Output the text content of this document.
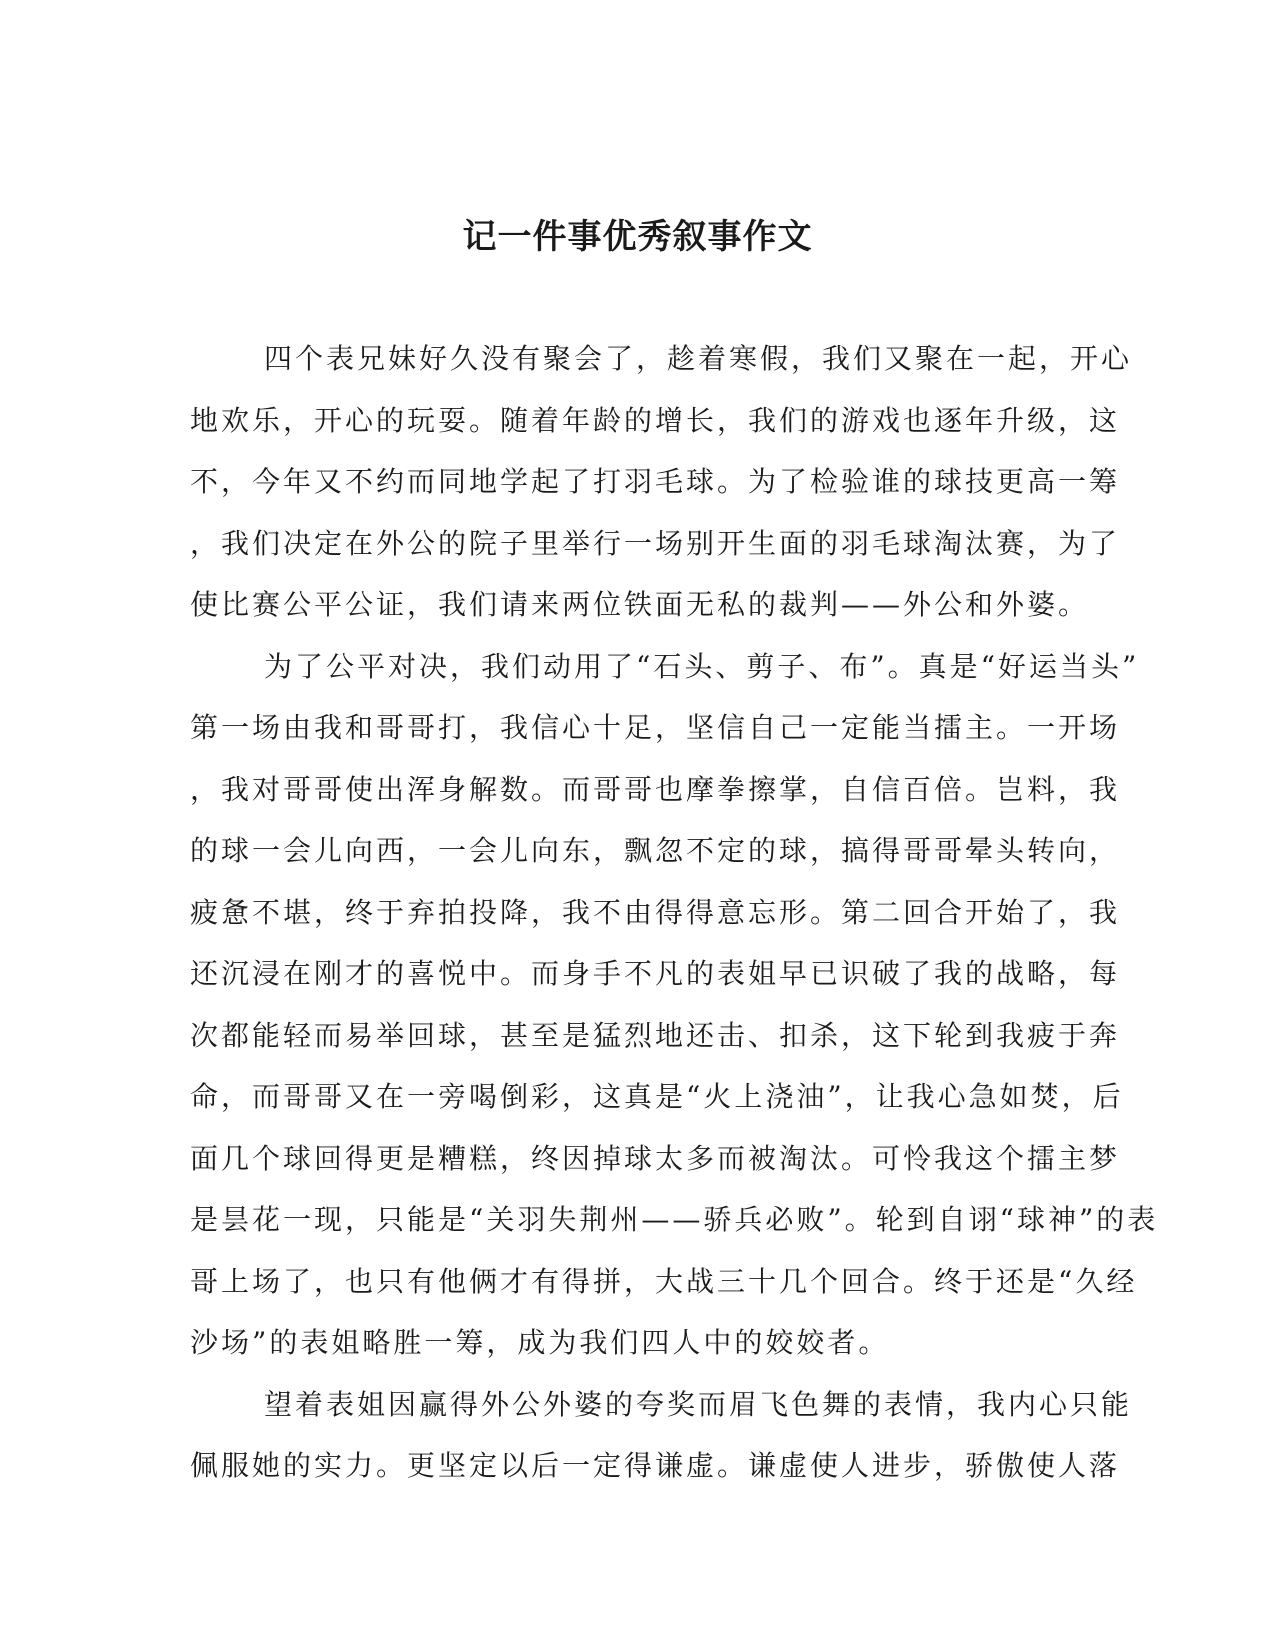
记一件事优秀叙事作文

四个表兄妹好久没有聚会了，趁着寒假，我们又聚在一起，开心

地欢乐，开心的玩耍。随着年龄的增长，我们的游戏也逐年升级，这

不，今年又不约而同地学起了打羽毛球。为了检验谁的球技更高一筹

，我们决定在外公的院子里举行一场别开生面的羽毛球淘汰赛，为了

使比赛公平公证，我们请来两位铁面无私的裁判——外公和外婆。

为了公平对决，我们动用了“石头、剪子、布”。真是“好运当头”

第一场由我和哥哥打，我信心十足，坚信自己一定能当擂主。一开场

，我对哥哥使出浑身解数。而哥哥也摩拳擦掌，自信百倍。岂料，我

的球一会儿向西，一会儿向东，飘忽不定的球，搞得哥哥晕头转向，

疲惫不堪，终于弃拍投降，我不由得得意忘形。第二回合开始了，我

还沉浸在刚才的喜悦中。而身手不凡的表姐早已识破了我的战略，每

次都能轻而易举回球，甚至是猛烈地还击、扣杀，这下轮到我疲于奔

命，而哥哥又在一旁喝倒彩，这真是“火上浇油”，让我心急如焚，后

面几个球回得更是糟糕，终因掉球太多而被淘汰。可怜我这个擂主梦

是昙花一现，只能是“关羽失荆州——骄兵必败”。轮到自诩“球神”的表

哥上场了，也只有他俩才有得拼，大战三十几个回合。终于还是“久经

沙场”的表姐略胜一筹，成为我们四人中的姣姣者。

望着表姐因赢得外公外婆的夸奖而眉飞色舞的表情，我内心只能

佩服她的实力。更坚定以后一定得谦虚。谦虚使人进步，骄傲使人落
